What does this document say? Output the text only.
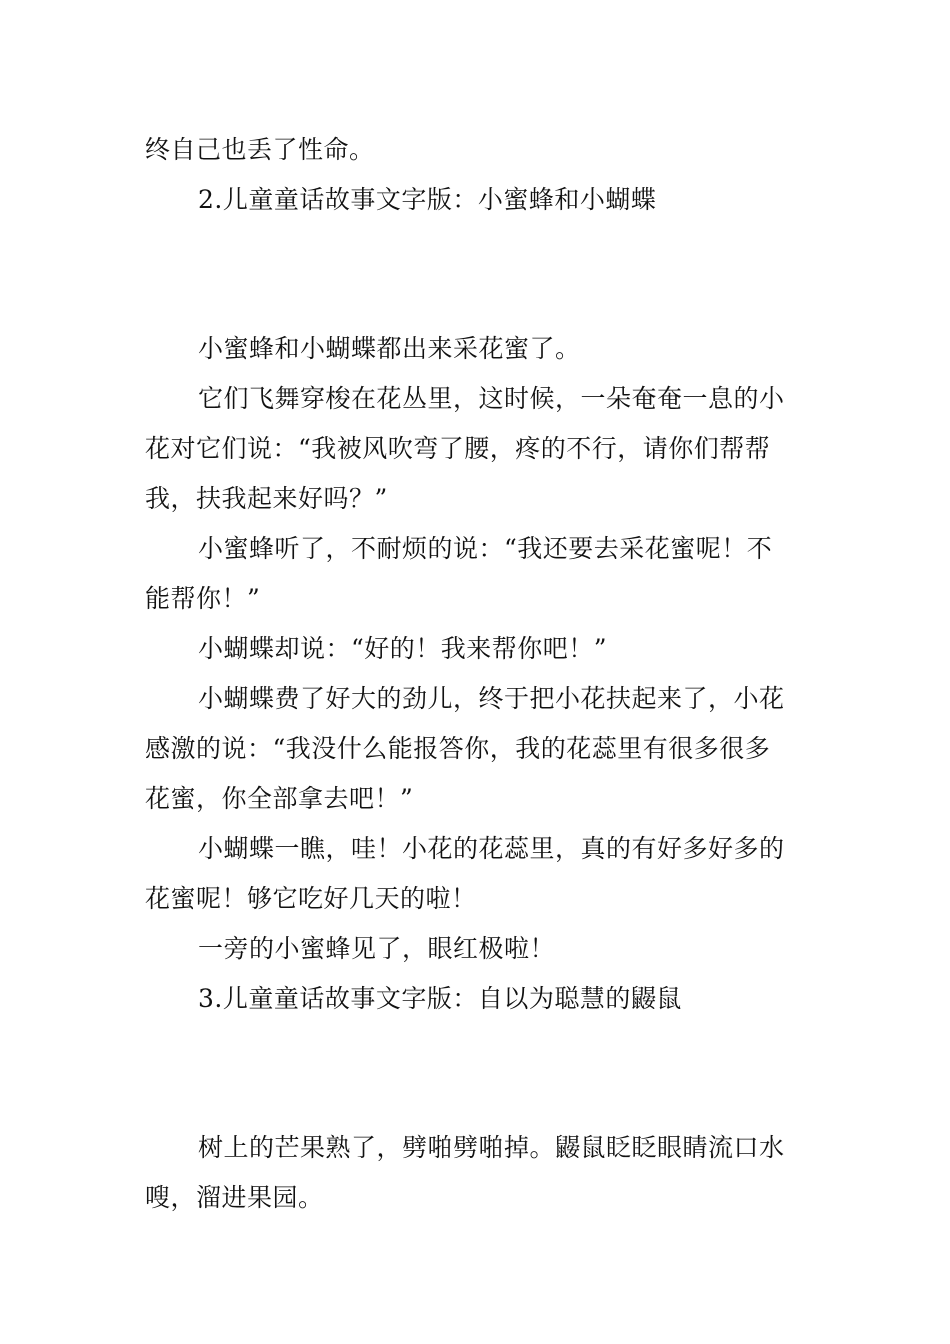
终自己也丢了性命。
2.儿童童话故事文字版：小蜜蜂和小蝴蝶
小蜜蜂和小蝴蝶都出来采花蜜了。
它们飞舞穿梭在花丛里，这时候，一朵奄奄一息的小
花对它们说：“我被风吹弯了腰，疼的不行，请你们帮帮
我，扶我起来好吗？”
小蜜蜂听了，不耐烦的说：“我还要去采花蜜呢！不
能帮你！”
小蝴蝶却说：“好的！我来帮你吧！”
小蝴蝶费了好大的劲儿，终于把小花扶起来了，小花
感激的说：“我没什么能报答你，我的花蕊里有很多很多
花蜜，你全部拿去吧！”
小蝴蝶一瞧，哇！小花的花蕊里，真的有好多好多的
花蜜呢！够它吃好几天的啦！
一旁的小蜜蜂见了，眼红极啦！
3.儿童童话故事文字版：自以为聪慧的鼹鼠
树上的芒果熟了，劈啪劈啪掉。鼹鼠眨眨眼睛流口水
嗖，溜进果园。
